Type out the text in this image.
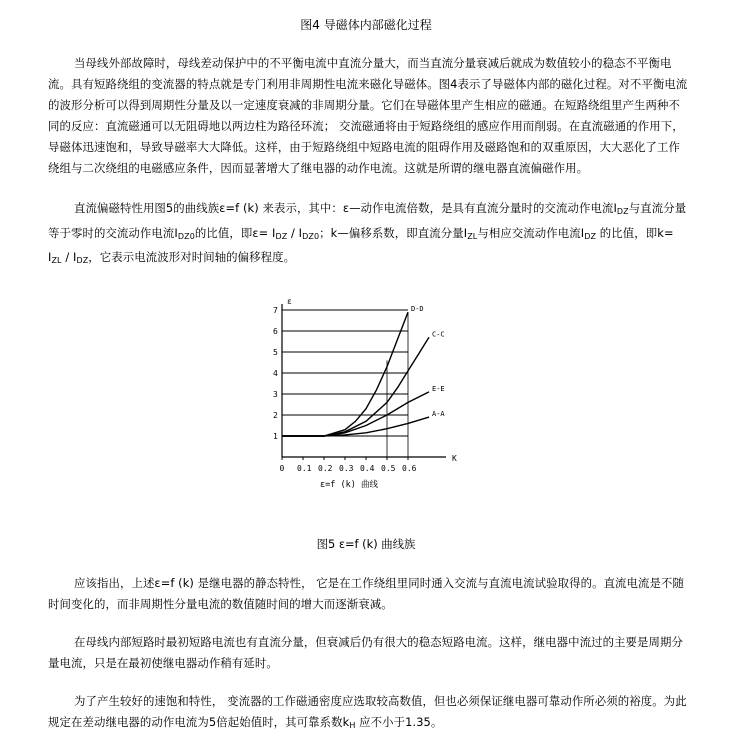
图4 导磁体内部磁化过程
当母线外部故障时，母线差动保护中的不平衡电流中直流分量大，而当直流分量衰减后就成为数值较小的稳态不平衡电流。具有短路绕组的变流器的特点就是专门利用非周期性电流来磁化导磁体。图4表示了导磁体内部的磁化过程。对不平衡电流的波形分析可以得到周期性分量及以一定速度衰减的非周期分量。它们在导磁体里产生相应的磁通。在短路绕组里产生两种不同的反应：直流磁通可以无阻碍地以两边柱为路径环流； 交流磁通将由于短路绕组的感应作用而削弱。在直流磁通的作用下，导磁体迅速饱和，导致导磁率大大降低。这样，由于短路绕组中短路电流的阻碍作用及磁路饱和的双重原因，大大恶化了工作绕组与二次绕组的电磁感应条件，因而显著增大了继电器的动作电流。这就是所谓的继电器直流偏磁作用。
直流偏磁特性用图5的曲线族ε=f (k) 来表示，其中：ε—动作电流倍数，是具有直流分量时的交流动作电流$I_{DZ}$与直流分量等于零时的交流动作电流$I_{DZ0}$的比值，即$\varepsilon= I_{DZ} / I_{DZ0}$；k—偏移系数，即直流分量$I_{ZL}$与相应交流动作电流$I_{DZ}$ 的比值，即$k= I_{ZL} / I_{DZ}$，它表示电流波形对时间轴的偏移程度。
ε
K
ε=f (k) 曲线
1
2
3
4
5
6
7
0 0.1 0.2 0.3 0.4 0.5 0.6
D-D
C-C
E-E
A-A
图5 ε=f (k) 曲线族
应该指出，上述ε=f (k) 是继电器的静态特性， 它是在工作绕组里同时通入交流与直流电流试验取得的。直流电流是不随时间变化的，而非周期性分量电流的数值随时间的增大而逐渐衰减。
在母线内部短路时最初短路电流也有直流分量，但衰减后仍有很大的稳态短路电流。这样，继电器中流过的主要是周期分量电流，只是在最初使继电器动作稍有延时。
为了产生较好的速饱和特性， 变流器的工作磁通密度应选取较高数值，但也必须保证继电器可靠动作所必须的裕度。为此规定在差动继电器的动作电流为5倍起始值时，其可靠系数$k_H$ 应不小于1.35。
